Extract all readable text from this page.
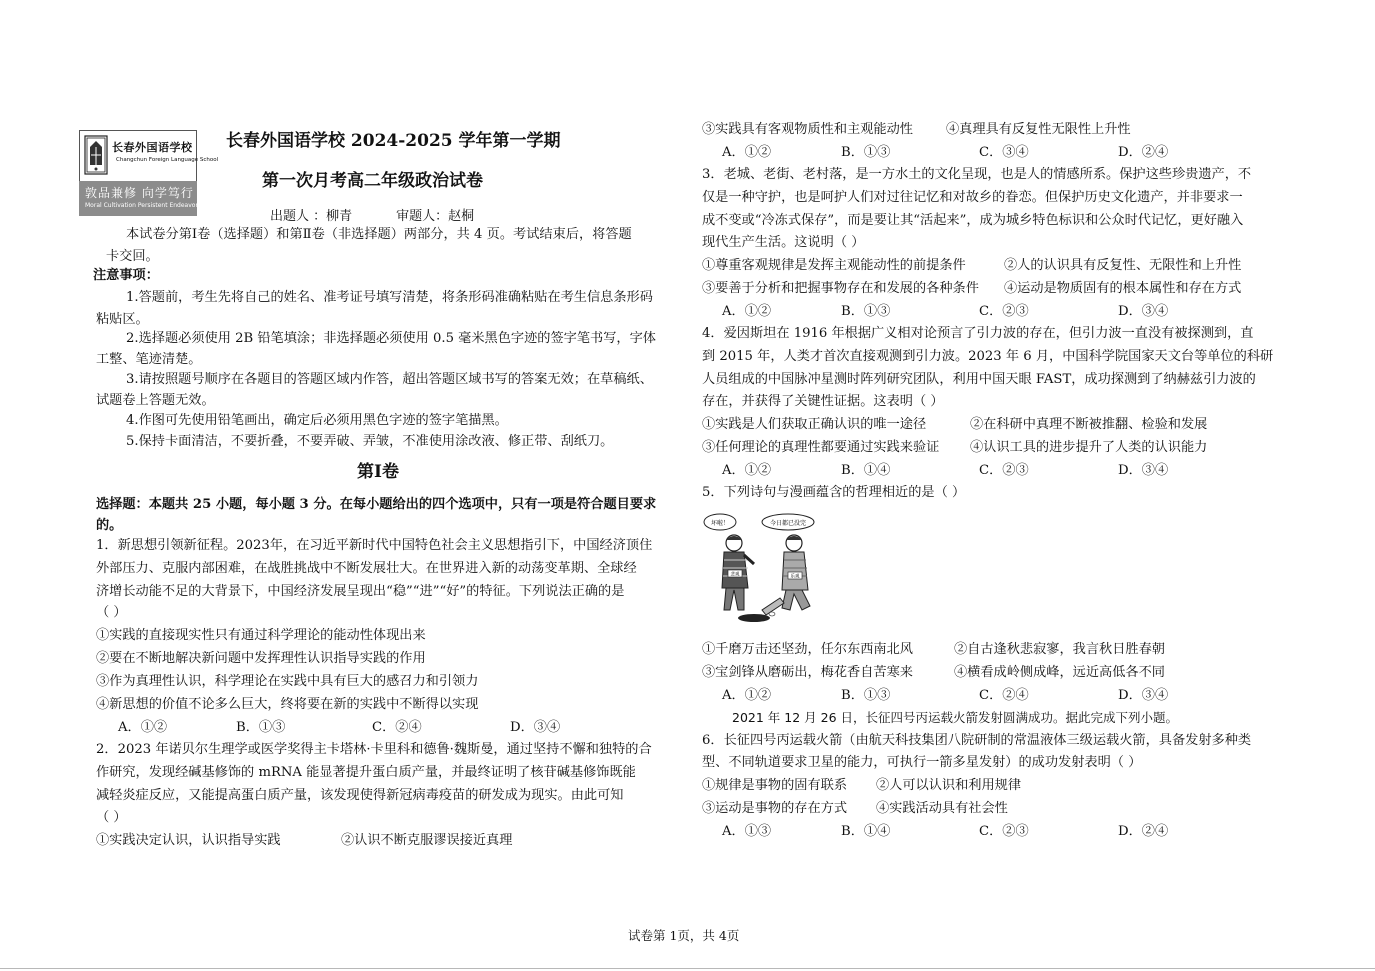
长春外国语学校
Changchun Foreign Language School
敦品兼修 向学笃行
Moral Cultivation Persistent Endeavor
长春外国语学校 2024-2025 学年第一学期
第一次月考高二年级政治试卷
出题人 ：柳青	审题人：赵桐
本试卷分第Ⅰ卷（选择题）和第Ⅱ卷（非选择题）两部分，共 4 页。考试结束后，将答题
卡交回。
注意事项：
1.答题前，考生先将自己的姓名、准考证号填写清楚，将条形码准确粘贴在考生信息条形码
粘贴区。
2.选择题必须使用 2B 铅笔填涂；非选择题必须使用 0.5 毫米黑色字迹的签字笔书写，字体
工整、笔迹清楚。
3.请按照题号顺序在各题目的答题区域内作答，超出答题区域书写的答案无效；在草稿纸、
试题卷上答题无效。
4.作图可先使用铅笔画出，确定后必须用黑色字迹的签字笔描黑。
5.保持卡面清洁，不要折叠，不要弄破、弄皱，不准使用涂改液、修正带、刮纸刀。
选择题：本题共 25 小题，每小题 3 分。在每小题给出的四个选项中，只有一项是符合题目要求
的。
1．新思想引领新征程。2023年，在习近平新时代中国特色社会主义思想指引下，中国经济顶住
外部压力、克服内部困难，在战胜挑战中不断发展壮大。在世界进入新的动荡变革期、全球经
济增长动能不足的大背景下，中国经济发展呈现出“稳”“进”“好”的特征。下列说法正确的是
（ ）
①实践的直接现实性只有通过科学理论的能动性体现出来
②要在不断地解决新问题中发挥理性认识指导实践的作用
③作为真理性认识，科学理论在实践中具有巨大的感召力和引领力
④新思想的价值不论多么巨大，终将要在新的实践中不断得以实现
A．①②	B．①③	C．②④	D．③④
2．2023 年诺贝尔生理学或医学奖得主卡塔林·卡里科和德鲁·魏斯曼，通过坚持不懈和独特的合
作研究，发现经碱基修饰的 mRNA 能显著提升蛋白质产量，并最终证明了核苷碱基修饰既能
减轻炎症反应，又能提高蛋白质产量，该发现使得新冠病毒疫苗的研发成为现实。由此可知
（ ）
①实践决定认识，认识指导实践	②认识不断克服谬误接近真理
第Ⅰ卷
③实践具有客观物质性和主观能动性	④真理具有反复性无限性上升性
A．①②	B．①③	C．③④	D．②④
3．老城、老街、老村落，是一方水土的文化呈现，也是人的情感所系。保护这些珍贵遗产，不
仅是一种守护，也是呵护人们对过往记忆和对故乡的眷恋。但保护历史文化遗产，并非要求一
成不变或“冷冻式保存”，而是要让其“活起来”，成为城乡特色标识和公众时代记忆，更好融入
现代生产生活。这说明（ ）
①尊重客观规律是发挥主观能动性的前提条件	②人的认识具有反复性、无限性和上升性
③要善于分析和把握事物存在和发展的各种条件 ④运动是物质固有的根本属性和存在方式
A．①②	B．①③	C．②③	D．③④
4．爱因斯坦在 1916 年根据广义相对论预言了引力波的存在，但引力波一直没有被探测到，直
到 2015 年，人类才首次直接观测到引力波。2023 年 6 月，中国科学院国家天文台等单位的科研
人员组成的中国脉冲星测时阵列研究团队，利用中国天眼 FAST，成功探测到了纳赫兹引力波的
存在，并获得了关键性证据。这表明（ ）
①实践是人们获取正确认识的唯一途径	②在科研中真理不断被推翻、检验和发展
③任何理论的真理性都要通过实践来验证 ④认识工具的进步提升了人类的认识能力
A．①②	B．①④	C．②③	D．③④
5．下列诗句与漫画蕴含的哲理相近的是（ ）
①千磨万击还坚劲，任尔东西南北风	②自古逢秋悲寂寥，我言秋日胜春朝
③宝剑锋从磨砺出，梅花香自苦寒来	④横看成岭侧成峰，远近高低各不同
A．①②	B．①③	C．②④	D．③④
2021 年 12 月 26 日，长征四号丙运载火箭发射圆满成功。据此完成下列小题。
6．长征四号丙运载火箭（由航天科技集团八院研制的常温液体三级运载火箭，具备发射多种类
型、不同轨道要求卫星的能力，可执行一箭多星发射）的成功发射表明（ ）
①规律是事物的固有联系 ②人可以认识和利用规律
③运动是事物的存在方式 ④实践活动具有社会性
A．①③	B．①④	C．②③	D．②④
坏啦！	今日都已没完
悲观	乐观
试卷第 1页，共 4页
